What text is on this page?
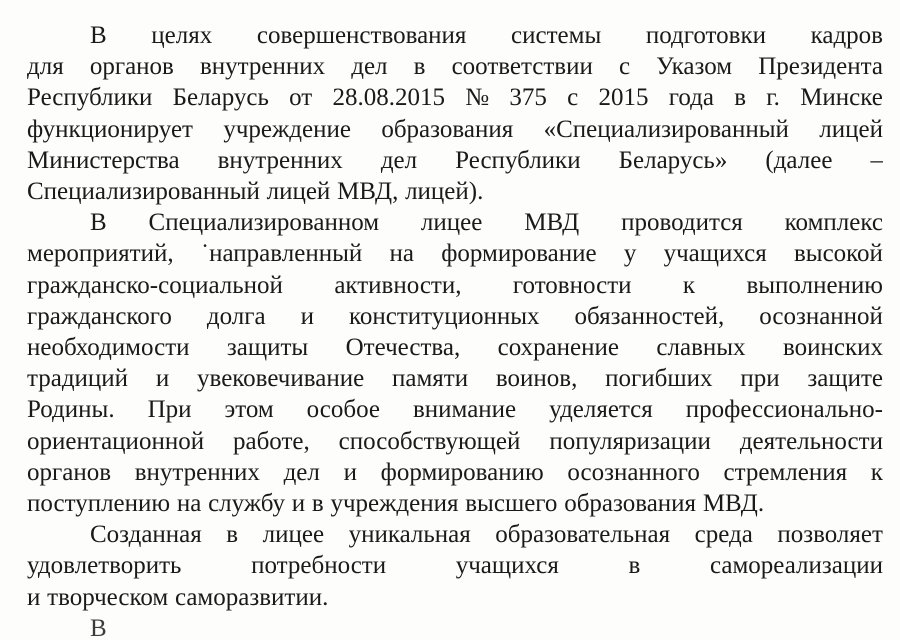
В целях совершенствования системы подготовки кадров
для органов внутренних дел в соответствии с Указом Президента
Республики Беларусь от 28.08.2015 № 375 с 2015 года в г. Минске
функционирует учреждение образования «Специализированный лицей
Министерства внутренних дел Республики Беларусь» (далее –
Специализированный лицей МВД, лицей).
В Специализированном лицее МВД проводится комплекс
мероприятий, ˙направленный на формирование у учащихся высокой
гражданско-социальной активности, готовности к выполнению
гражданского долга и конституционных обязанностей, осознанной
необходимости защиты Отечества, сохранение славных воинских
традиций и увековечивание памяти воинов, погибших при защите
Родины. При этом особое внимание уделяется профессионально-
ориентационной работе, способствующей популяризации деятельности
органов внутренних дел и формированию осознанного стремления к
поступлению на службу и в учреждения высшего образования МВД.
Созданная в лицее уникальная образовательная среда позволяет
удовлетворить	потребности	учащихся	в	самореализации
и творческом саморазвитии.
В
